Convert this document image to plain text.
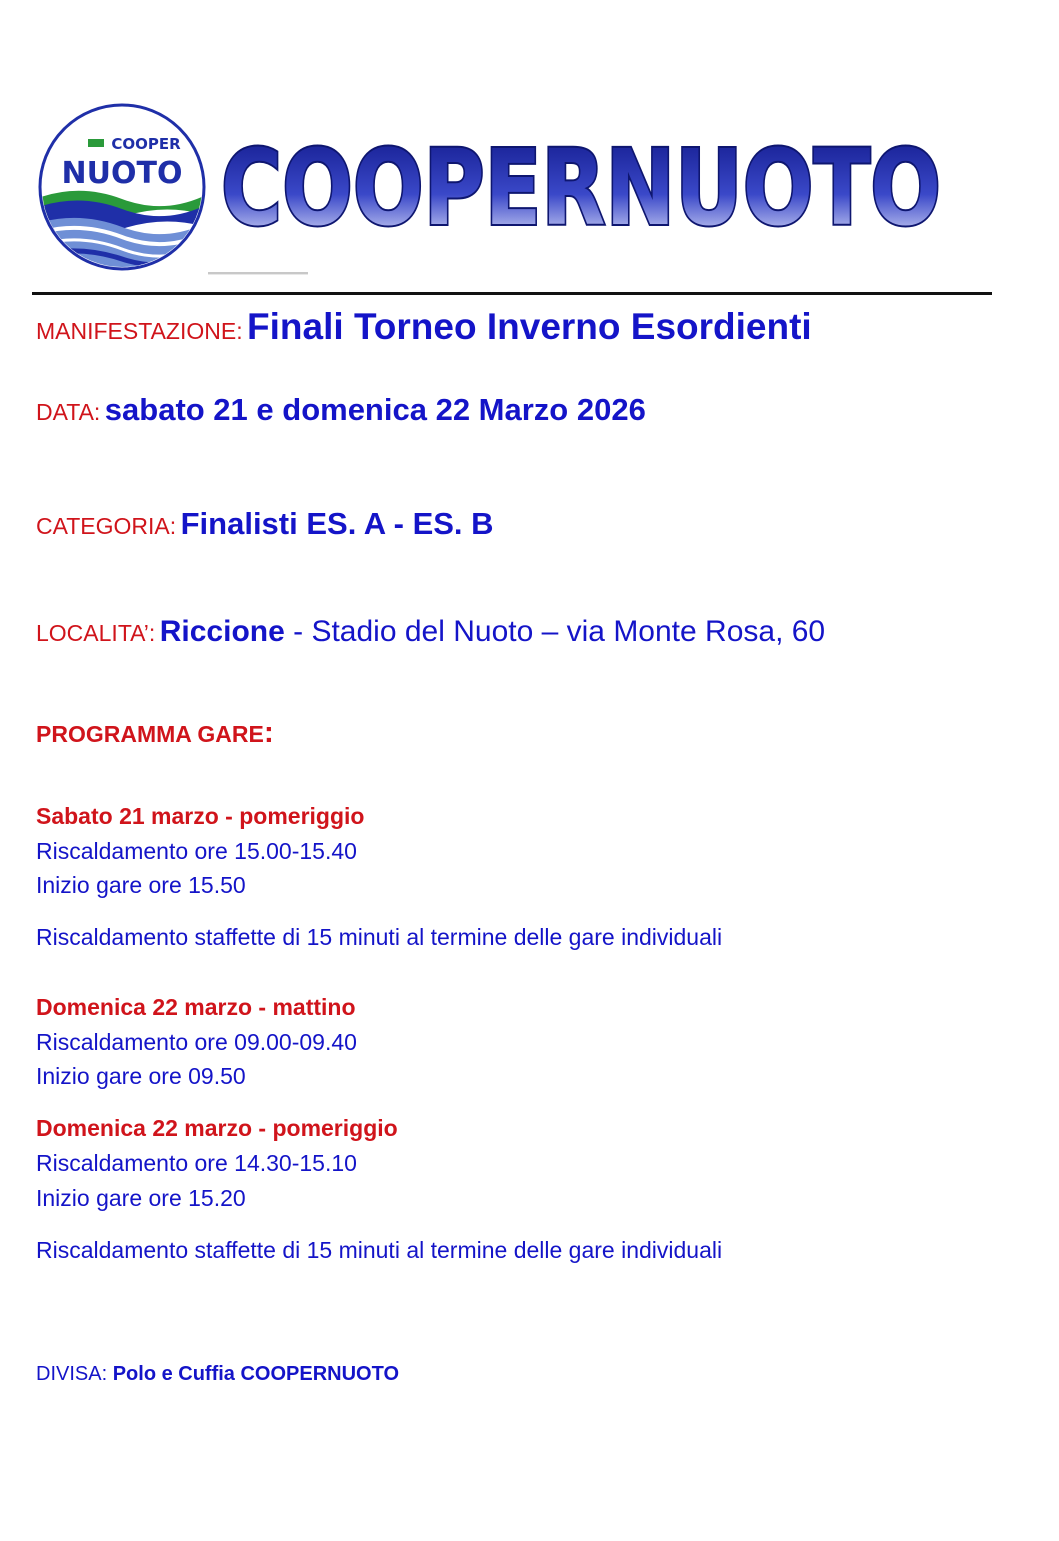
COOPER
NUOTO COOPERNUOTO
MANIFESTAZIONE: Finali Torneo Inverno Esordienti
DATA: sabato 21 e domenica 22 Marzo 2026
CATEGORIA: Finalisti ES. A - ES. B
LOCALITA’: Riccione - Stadio del Nuoto – via Monte Rosa, 60
PROGRAMMA GARE:
Sabato 21 marzo - pomeriggio
Riscaldamento ore 15.00-15.40
Inizio gare ore 15.50
Riscaldamento staffette di 15 minuti al termine delle gare individuali
Domenica 22 marzo - mattino
Riscaldamento ore 09.00-09.40
Inizio gare ore 09.50
Domenica 22 marzo - pomeriggio
Riscaldamento ore 14.30-15.10
Inizio gare ore 15.20
Riscaldamento staffette di 15 minuti al termine delle gare individuali
DIVISA: Polo e Cuffia COOPERNUOTO
